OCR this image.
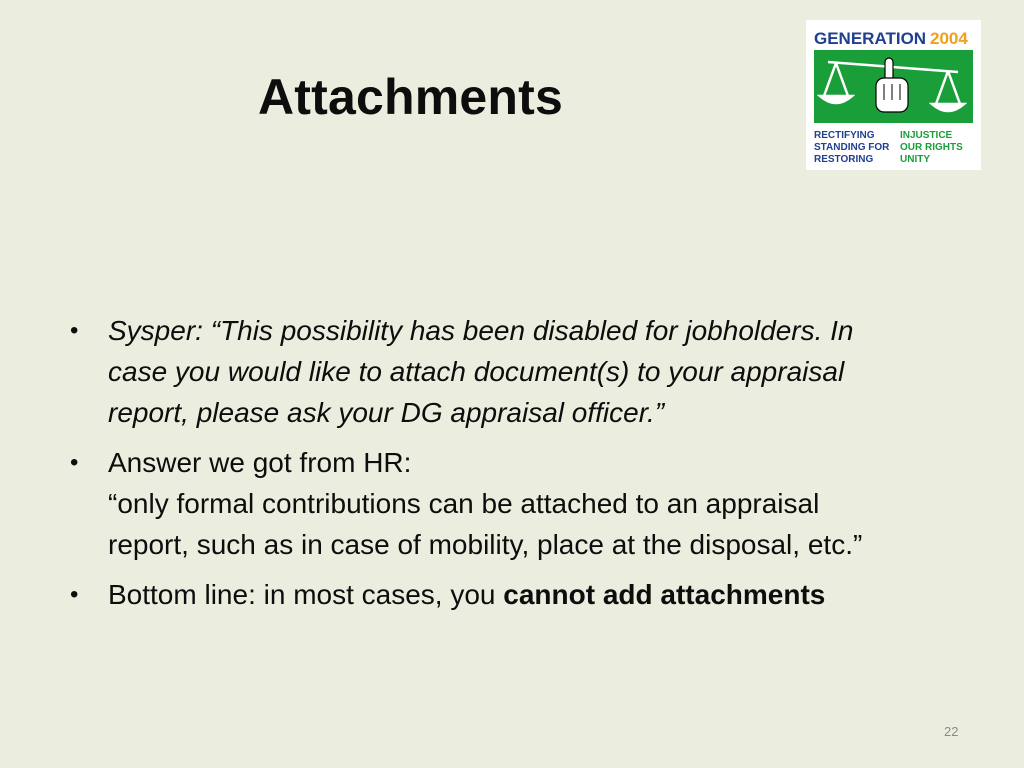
Attachments
GENERATION 2004
RECTIFYING	INJUSTICE
STANDING FOR OUR RIGHTS
RESTORING	UNITY
• Sysper: “This possibility has been disabled for jobholders. In
case you would like to attach document(s) to your appraisal
report, please ask your DG appraisal officer.”
• Answer we got from HR:
“only formal contributions can be attached to an appraisal
report, such as in case of mobility, place at the disposal, etc.”
• Bottom line: in most cases, you cannot add attachments
22
